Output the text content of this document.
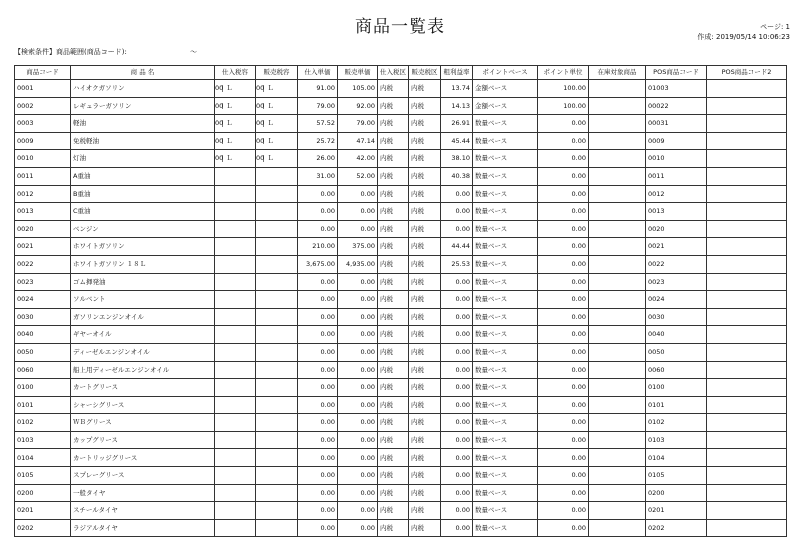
商品一覧表	ページ: 1
作成: 2019/05/14 10:06:23
【検索条件】商品範囲(商品コード):	～
商品コード	商 品 名	仕入税容	販売税容	仕入単価	販売単価	仕入税区	販売税区	粗利益率	ポイントベース	ポイント単位	在庫対象商品	POS商品コード	POS商品コード2
0001	ハイオクガソリン	00 Ｌ	00 Ｌ	91.00	105.00	内税	内税	13.74	金額ベース	100.00		01003	
0002	レギュラーガソリン	00 Ｌ	00 Ｌ	79.00	92.00	内税	内税	14.13	金額ベース	100.00		00022	
0003	軽油	00 Ｌ	00 Ｌ	57.52	79.00	内税	内税	26.91	数量ベース	0.00		00031	
0009	免税軽油	00 Ｌ	00 Ｌ	25.72	47.14	内税	内税	45.44	数量ベース	0.00		0009	
0010	灯油	00 Ｌ	00 Ｌ	26.00	42.00	内税	内税	38.10	数量ベース	0.00		0010	
0011	A重油			31.00	52.00	内税	内税	40.38	数量ベース	0.00		0011	
0012	B重油			0.00	0.00	内税	内税	0.00	数量ベース	0.00		0012	
0013	C重油			0.00	0.00	内税	内税	0.00	数量ベース	0.00		0013	
0020	ベンジン			0.00	0.00	内税	内税	0.00	数量ベース	0.00		0020	
0021	ホワイトガソリン			210.00	375.00	内税	内税	44.44	数量ベース	0.00		0021	
0022	ホワイトガソリン １８Ｌ			3,675.00	4,935.00	内税	内税	25.53	数量ベース	0.00		0022	
0023	ゴム揮発油			0.00	0.00	内税	内税	0.00	数量ベース	0.00		0023	
0024	ソルベント			0.00	0.00	内税	内税	0.00	数量ベース	0.00		0024	
0030	ガソリンエンジンオイル			0.00	0.00	内税	内税	0.00	数量ベース	0.00		0030	
0040	ギヤーオイル			0.00	0.00	内税	内税	0.00	数量ベース	0.00		0040	
0050	ディーゼルエンジンオイル			0.00	0.00	内税	内税	0.00	数量ベース	0.00		0050	
0060	船上用ディーゼルエンジンオイル			0.00	0.00	内税	内税	0.00	数量ベース	0.00		0060	
0100	カートグリース			0.00	0.00	内税	内税	0.00	数量ベース	0.00		0100	
0101	シャーシグリース			0.00	0.00	内税	内税	0.00	数量ベース	0.00		0101	
0102	ＷＢグリース			0.00	0.00	内税	内税	0.00	数量ベース	0.00		0102	
0103	カップグリース			0.00	0.00	内税	内税	0.00	数量ベース	0.00		0103	
0104	カートリッジグリース			0.00	0.00	内税	内税	0.00	数量ベース	0.00		0104	
0105	スプレーグリース			0.00	0.00	内税	内税	0.00	数量ベース	0.00		0105	
0200	一般タイヤ			0.00	0.00	内税	内税	0.00	数量ベース	0.00		0200	
0201	スチールタイヤ			0.00	0.00	内税	内税	0.00	数量ベース	0.00		0201	
0202	ラジアルタイヤ			0.00	0.00	内税	内税	0.00	数量ベース	0.00		0202	
